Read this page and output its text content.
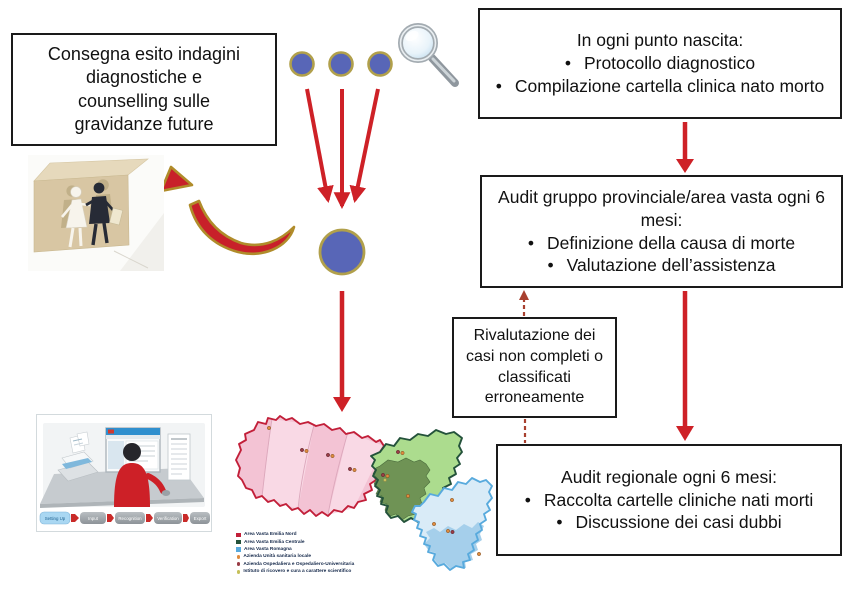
Consegna esito indagini diagnostiche e counselling sulle gravidanze future
In ogni punto nascita:
• Protocollo diagnostico
• Compilazione cartella clinica nato morto
Audit gruppo provinciale/area vasta ogni 6 mesi:
• Definizione della causa di morte
• Valutazione dell’assistenza
Rivalutazione dei casi non completi o classificati erroneamente
Audit regionale ogni 6 mesi:
• Raccolta cartelle cliniche nati morti
• Discussione dei casi dubbi
Setting Up	Input	Recognition	Verification	Export
Area Vasta Emilia Nord
Area Vasta Emilia Centrale
Area Vasta Romagna
Azienda Unità sanitaria locale
Azienda Ospedaliera e Ospedaliero-Universitaria
Istituto di ricovero e cura a carattere scientifico
